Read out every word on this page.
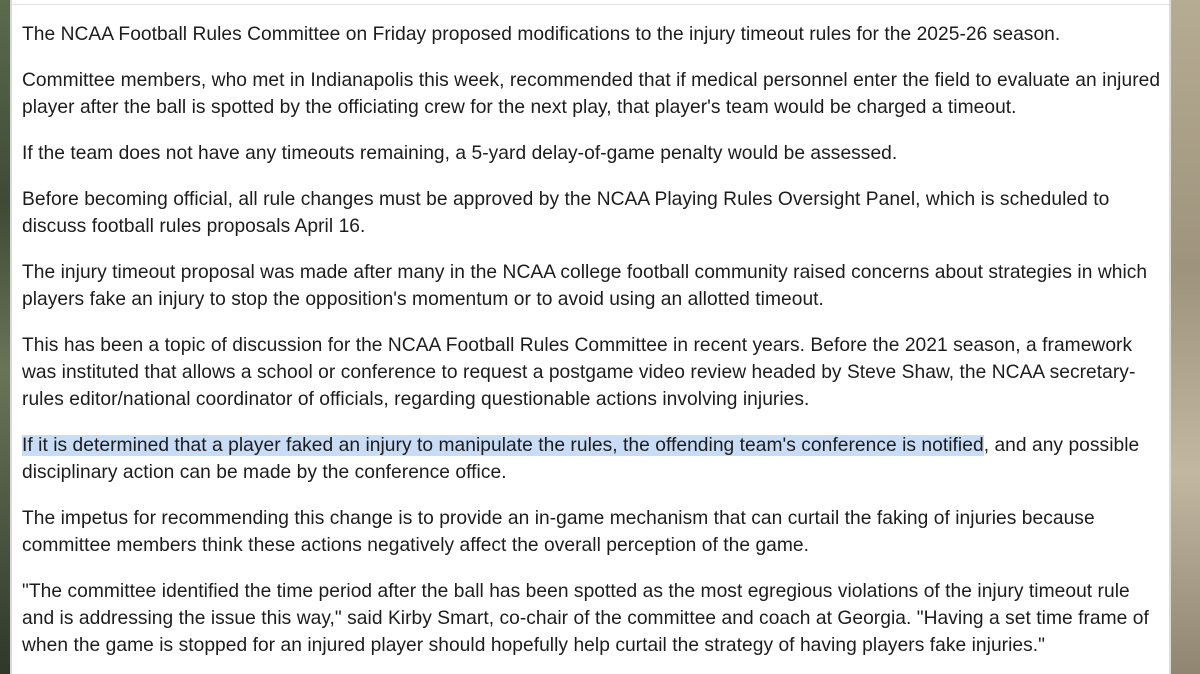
The NCAA Football Rules Committee on Friday proposed modifications to the injury timeout rules for the 2025-26 season.

Committee members, who met in Indianapolis this week, recommended that if medical personnel enter the field to evaluate an injured player after the ball is spotted by the officiating crew for the next play, that player's team would be charged a timeout.

If the team does not have any timeouts remaining, a 5-yard delay-of-game penalty would be assessed.

Before becoming official, all rule changes must be approved by the NCAA Playing Rules Oversight Panel, which is scheduled to discuss football rules proposals April 16.

The injury timeout proposal was made after many in the NCAA college football community raised concerns about strategies in which players fake an injury to stop the opposition's momentum or to avoid using an allotted timeout.

This has been a topic of discussion for the NCAA Football Rules Committee in recent years. Before the 2021 season, a framework was instituted that allows a school or conference to request a postgame video review headed by Steve Shaw, the NCAA secretary-rules editor/national coordinator of officials, regarding questionable actions involving injuries.

If it is determined that a player faked an injury to manipulate the rules, the offending team's conference is notified, and any possible disciplinary action can be made by the conference office.

The impetus for recommending this change is to provide an in-game mechanism that can curtail the faking of injuries because committee members think these actions negatively affect the overall perception of the game.

"The committee identified the time period after the ball has been spotted as the most egregious violations of the injury timeout rule and is addressing the issue this way," said Kirby Smart, co-chair of the committee and coach at Georgia. "Having a set time frame of when the game is stopped for an injured player should hopefully help curtail the strategy of having players fake injuries."
